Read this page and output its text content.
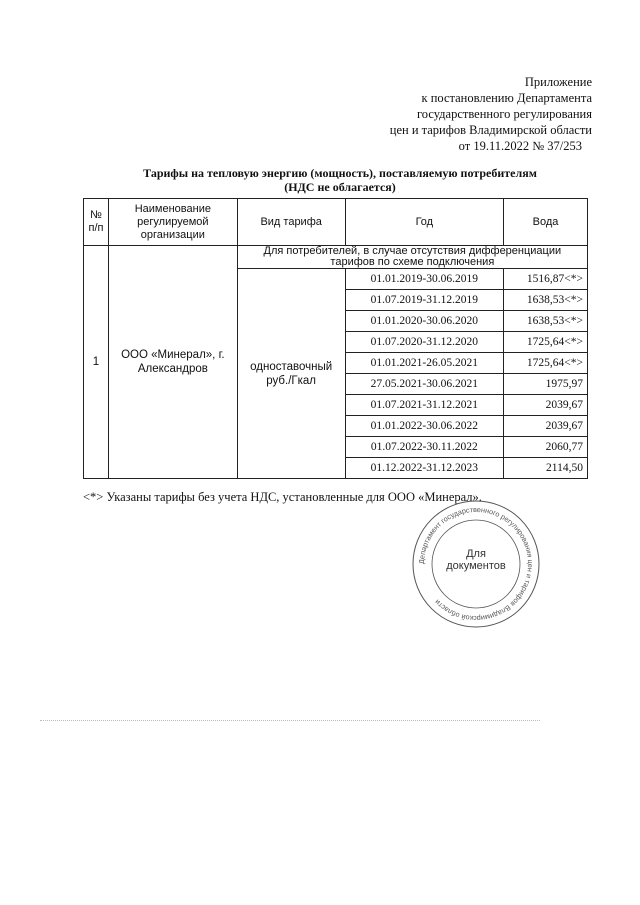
Приложение
к постановлению Департамента
государственного регулирования
цен и тарифов Владимирской области
от 19.11.2022 № 37/253
Тарифы на тепловую энергию (мощность), поставляемую потребителям
(НДС не облагается)
№ п/п	Наименование регулируемой организации	Вид тарифа	Год	Вода
1	ООО «Минерал», г. Александров	Для потребителей, в случае отсутствия дифференциации тарифов по схеме подключения		
		одноставочный руб./Гкал	01.01.2019-30.06.2019	1516,87<*>
			01.07.2019-31.12.2019	1638,53<*>
			01.01.2020-30.06.2020	1638,53<*>
			01.07.2020-31.12.2020	1725,64<*>
			01.01.2021-26.05.2021	1725,64<*>
			27.05.2021-30.06.2021	1975,97
			01.07.2021-31.12.2021	2039,67
			01.01.2022-30.06.2022	2039,67
			01.07.2022-30.11.2022	2060,77
			01.12.2022-31.12.2023	2114,50
<*> Указаны тарифы без учета НДС, установленные для ООО «Минерал».
Департамент государственного регулирования цен и тарифов Владимирской области
Для
документов
